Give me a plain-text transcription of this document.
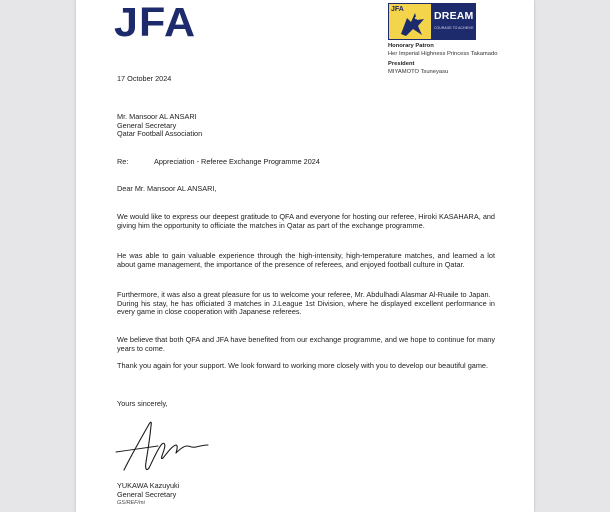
JFA	JFA
DREAM
COURAGE TO ACHIEVE
Honorary Patron
Her Imperial Highness Princess Takamado
President
MIYAMOTO Tsuneyasu
17 October 2024
Mr. Mansoor AL ANSARI
General Secretary
Qatar Football Association
Re:	Appreciation - Referee Exchange Programme 2024
Dear Mr. Mansoor AL ANSARI,
We would like to express our deepest gratitude to QFA and everyone for hosting our referee, Hiroki KASAHARA, and giving him the opportunity to officiate the matches in Qatar as part of the exchange programme.
He was able to gain valuable experience through the high-intensity, high-temperature matches, and learned a lot about game management, the importance of the presence of referees, and enjoyed football culture in Qatar.
Furthermore, it was also a great pleasure for us to welcome your referee, Mr. Abdulhadi Alasmar Al-Ruaile to Japan.
During his stay, he has officiated 3 matches in J.League 1st Division, where he displayed excellent performance in every game in close cooperation with Japanese referees.
We believe that both QFA and JFA have benefited from our exchange programme, and we hope to continue for many years to come.
Thank you again for your support. We look forward to working more closely with you to develop our beautiful game.
Yours sincerely,
YUKAWA Kazuyuki
General Secretary
GS/REF/mi
